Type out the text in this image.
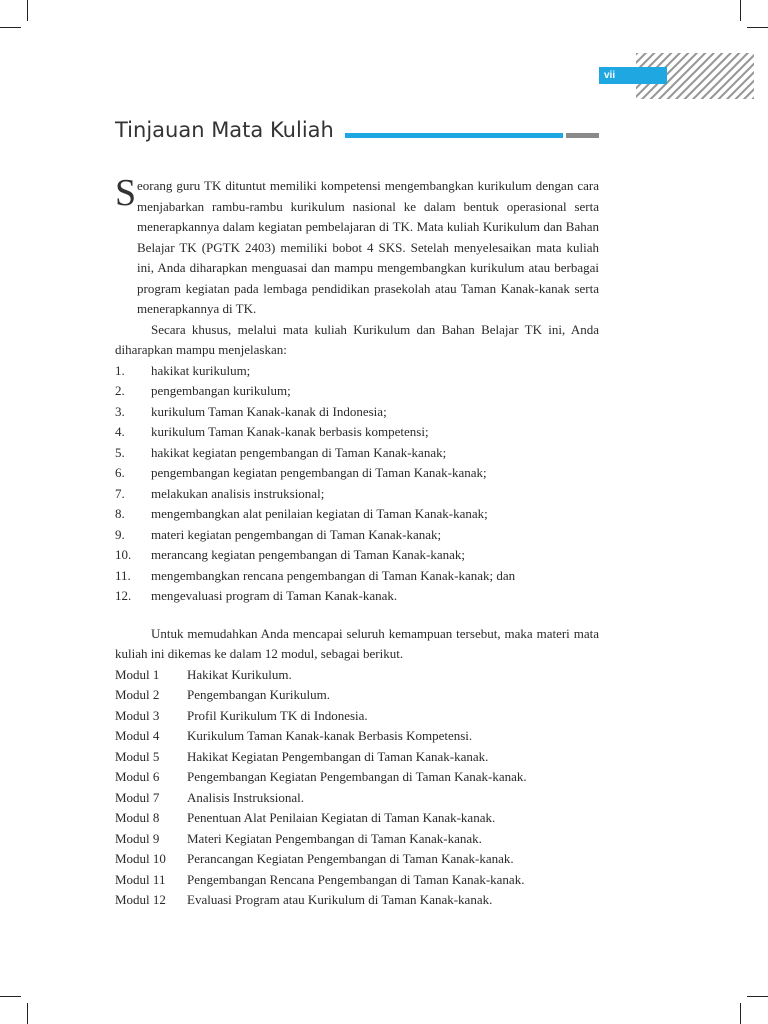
vii
Tinjauan Mata Kuliah

S eorang guru TK dituntut memiliki kompetensi mengembangkan kurikulum dengan cara menjabarkan rambu-rambu kurikulum nasional ke dalam bentuk operasional serta menerapkannya dalam kegiatan pembelajaran di TK. Mata kuliah Kurikulum dan Bahan Belajar TK (PGTK 2403) memiliki bobot 4 SKS. Setelah menyelesaikan mata kuliah ini, Anda diharapkan menguasai dan mampu mengembangkan kurikulum atau berbagai program kegiatan pada lembaga pendidikan prasekolah atau Taman Kanak-kanak serta menerapkannya di TK.

Secara khusus, melalui mata kuliah Kurikulum dan Bahan Belajar TK ini, Anda diharapkan mampu menjelaskan:

1.	hakikat kurikulum;
2.	pengembangan kurikulum;
3.	kurikulum Taman Kanak-kanak di Indonesia;
4.	kurikulum Taman Kanak-kanak berbasis kompetensi;
5.	hakikat kegiatan pengembangan di Taman Kanak-kanak;
6.	pengembangan kegiatan pengembangan di Taman Kanak-kanak;
7.	melakukan analisis instruksional;
8.	mengembangkan alat penilaian kegiatan di Taman Kanak-kanak;
9.	materi kegiatan pengembangan di Taman Kanak-kanak;
10.	merancang kegiatan pengembangan di Taman Kanak-kanak;
11.	mengembangkan rencana pengembangan di Taman Kanak-kanak; dan
12.	mengevaluasi program di Taman Kanak-kanak.

Untuk memudahkan Anda mencapai seluruh kemampuan tersebut, maka materi mata kuliah ini dikemas ke dalam 12 modul, sebagai berikut.

Modul 1	Hakikat Kurikulum.
Modul 2	Pengembangan Kurikulum.
Modul 3	Profil Kurikulum TK di Indonesia.
Modul 4	Kurikulum Taman Kanak-kanak Berbasis Kompetensi.
Modul 5	Hakikat Kegiatan Pengembangan di Taman Kanak-kanak.
Modul 6	Pengembangan Kegiatan Pengembangan di Taman Kanak-kanak.
Modul 7	Analisis Instruksional.
Modul 8	Penentuan Alat Penilaian Kegiatan di Taman Kanak-kanak.
Modul 9	Materi Kegiatan Pengembangan di Taman Kanak-kanak.
Modul 10	Perancangan Kegiatan Pengembangan di Taman Kanak-kanak.
Modul 11	Pengembangan Rencana Pengembangan di Taman Kanak-kanak.
Modul 12	Evaluasi Program atau Kurikulum di Taman Kanak-kanak.
